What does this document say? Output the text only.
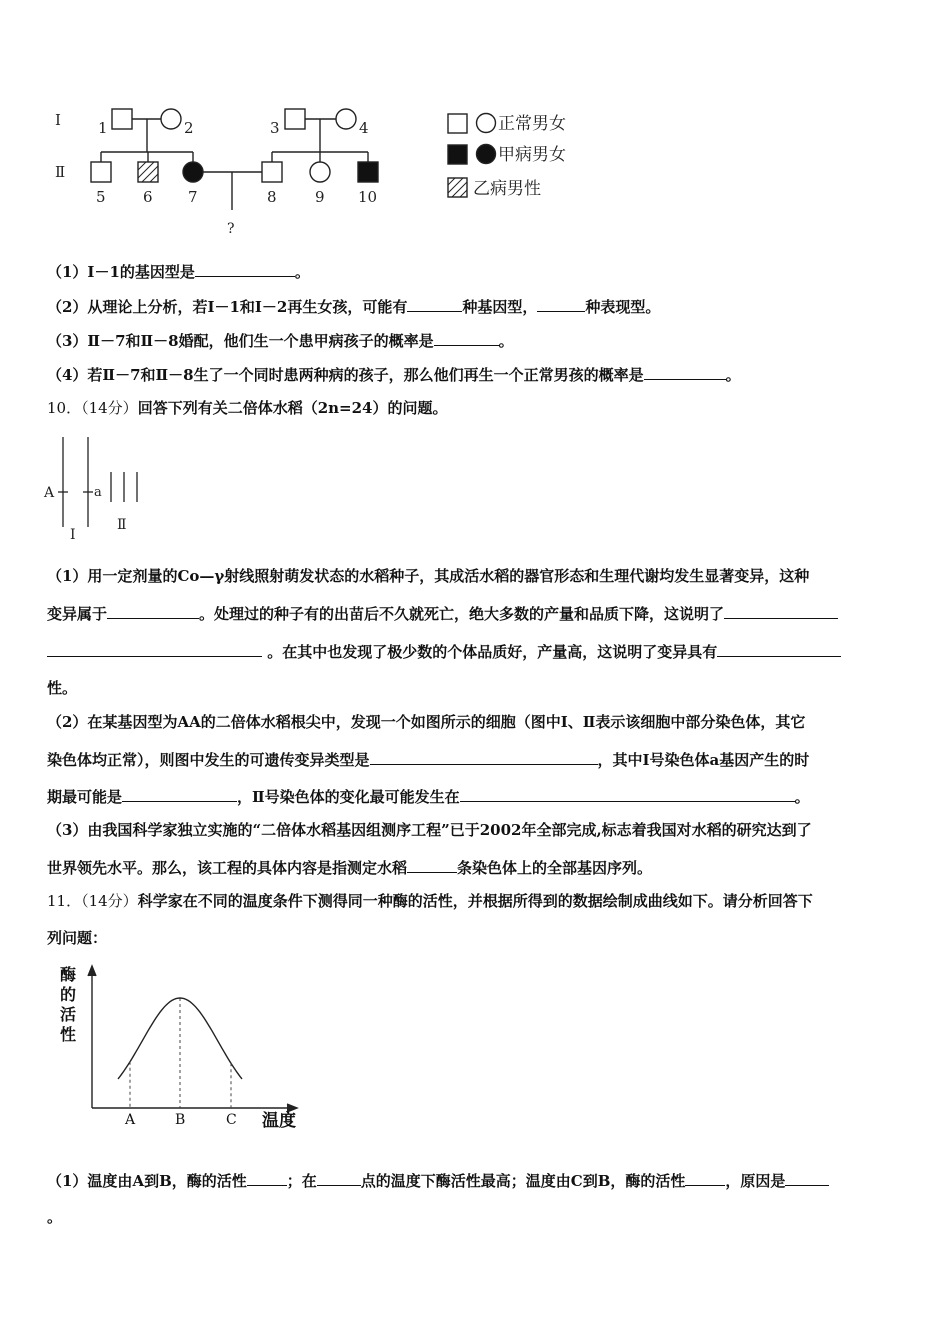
Ⅰ
Ⅱ
1	2	3	4
5 6 7	8	9 10
?
正常男女
甲病男女
乙病男性
（1）Ⅰ－1的基因型是	。
（2）从理论上分析，若Ⅰ－1和Ⅰ－2再生女孩，可能有	种基因型，	种表现型。
（3）Ⅱ－7和Ⅱ－8婚配，他们生一个患甲病孩子的概率是	。
（4）若Ⅱ－7和Ⅱ－8生了一个同时患两种病的孩子，那么他们再生一个正常男孩的概率是	。
10．（14分）回答下列有关二倍体水稻（2n=24）的问题。
A	a
Ⅰ
Ⅱ
（1）用一定剂量的Co—γ射线照射萌发状态的水稻种子，其成活水稻的器官形态和生理代谢均发生显著变异，这种
变异属于	。处理过的种子有的出苗后不久就死亡，绝大多数的产量和品质下降，这说明了
。在其中也发现了极少数的个体品质好，产量高，这说明了变异具有
性。
（2）在某基因型为AA的二倍体水稻根尖中，发现一个如图所示的细胞（图中Ⅰ、Ⅱ表示该细胞中部分染色体，其它
染色体均正常），则图中发生的可遗传变异类型是	，其中Ⅰ号染色体a基因产生的时
期最可能是	，Ⅱ号染色体的变化最可能发生在	。
（3）由我国科学家独立实施的“二倍体水稻基因组测序工程”已于2002年全部完成,标志着我国对水稻的研究达到了
世界领先水平。那么，该工程的具体内容是指测定水稻	条染色体上的全部基因序列。
11．（14分）科学家在不同的温度条件下测得同一种酶的活性，并根据所得到的数据绘制成曲线如下。请分析回答下
列问题：
酶
的
活
性
温度
A	B	C
（1）温度由A到B，酶的活性	；在	点的温度下酶活性最高；温度由C到B，酶的活性	，原因是
。
